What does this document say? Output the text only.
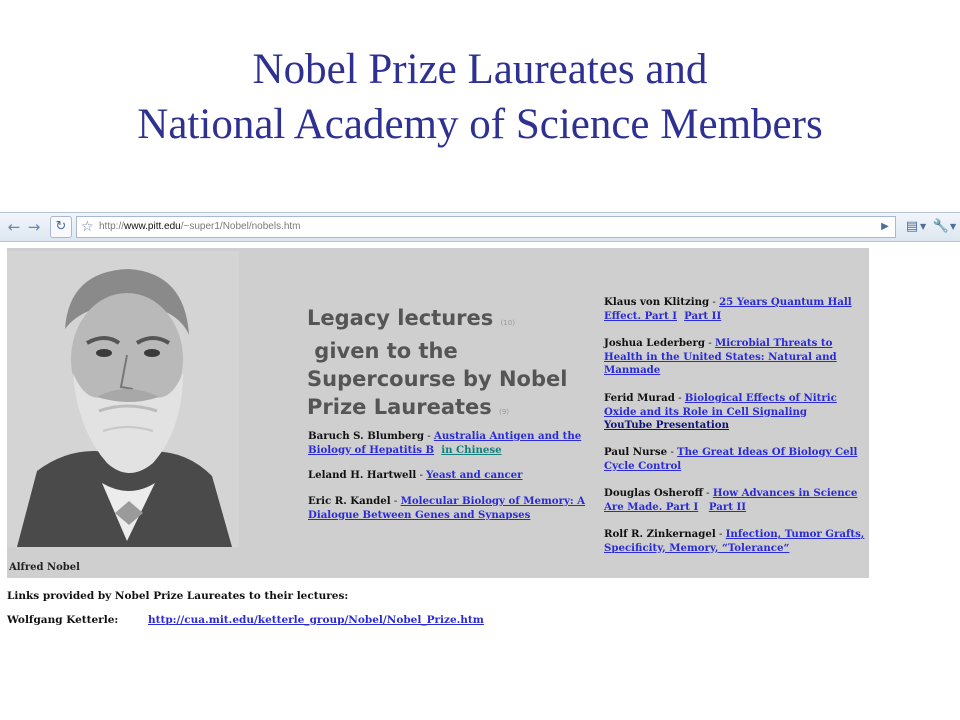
Nobel Prize Laureates and
National Academy of Science Members
← →	↻	☆ http://www.pitt.edu/~super1/Nobel/nobels.htm	▶	▤ ▼ 🔧 ▼
Alfred Nobel
Legacy lectures (10)
given to the
Supercourse by Nobel
Prize Laureates (9)
Baruch S. Blumberg - Australia Antigen and the Biology of Hepatitis B in Chinese
Leland H. Hartwell - Yeast and cancer
Eric R. Kandel - Molecular Biology of Memory: A Dialogue Between Genes and Synapses
Klaus von Klitzing - 25 Years Quantum Hall Effect. Part I Part II
Joshua Lederberg - Microbial Threats to Health in the United States: Natural and Manmade
Ferid Murad - Biological Effects of Nitric Oxide and its Role in Cell Signaling
YouTube Presentation
Paul Nurse - The Great Ideas Of Biology Cell Cycle Control
Douglas Osheroff - How Advances in Science Are Made. Part I Part II
Rolf R. Zinkernagel - Infection, Tumor Grafts, Specificity, Memory, “Tolerance“
Links provided by Nobel Prize Laureates to their lectures:
Wolfgang Ketterle:	http://cua.mit.edu/ketterle_group/Nobel/Nobel_Prize.htm
